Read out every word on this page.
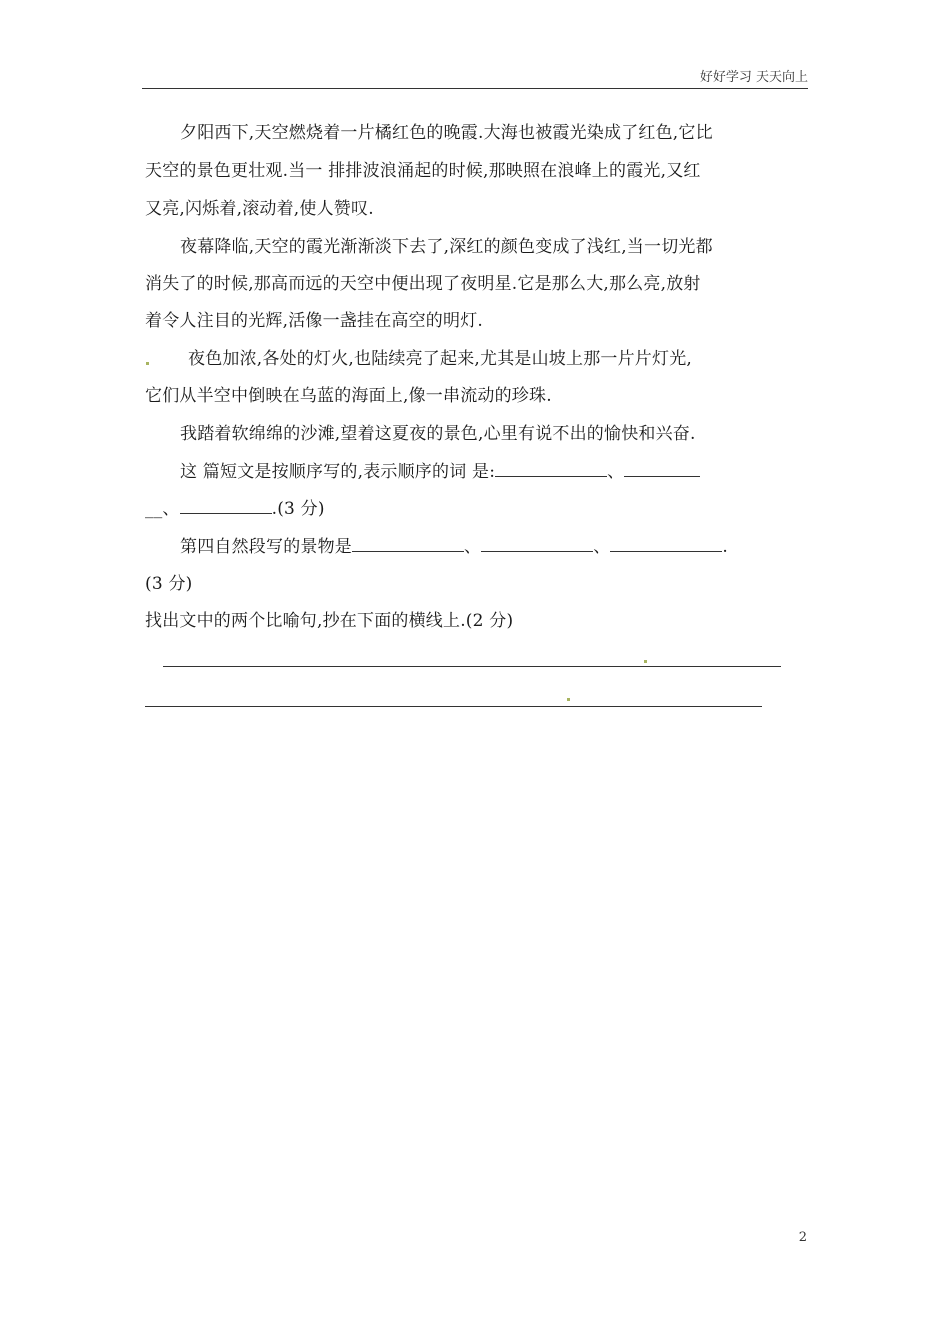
好好学习 天天向上
夕阳西下,天空燃烧着一片橘红色的晚霞.大海也被霞光染成了红色,它比
天空的景色更壮观.当一 排排波浪涌起的时候,那映照在浪峰上的霞光,又红
又亮,闪烁着,滚动着,使人赞叹.
夜幕降临,天空的霞光渐渐淡下去了,深红的颜色变成了浅红,当一切光都
消失了的时候,那高而远的天空中便出现了夜明星.它是那么大,那么亮,放射
着令人注目的光辉,活像一盏挂在高空的明灯.
夜色加浓,各处的灯火,也陆续亮了起来,尤其是山坡上那一片片灯光,
它们从半空中倒映在乌蓝的海面上,像一串流动的珍珠.
我踏着软绵绵的沙滩,望着这夏夜的景色,心里有说不出的愉快和兴奋.
这 篇短文是按顺序写的,表示顺序的词 是:	、
__、	.(3 分)
第四自然段写的景物是	、	、	.
(3 分)
找出文中的两个比喻句,抄在下面的横线上.(2 分)
2
